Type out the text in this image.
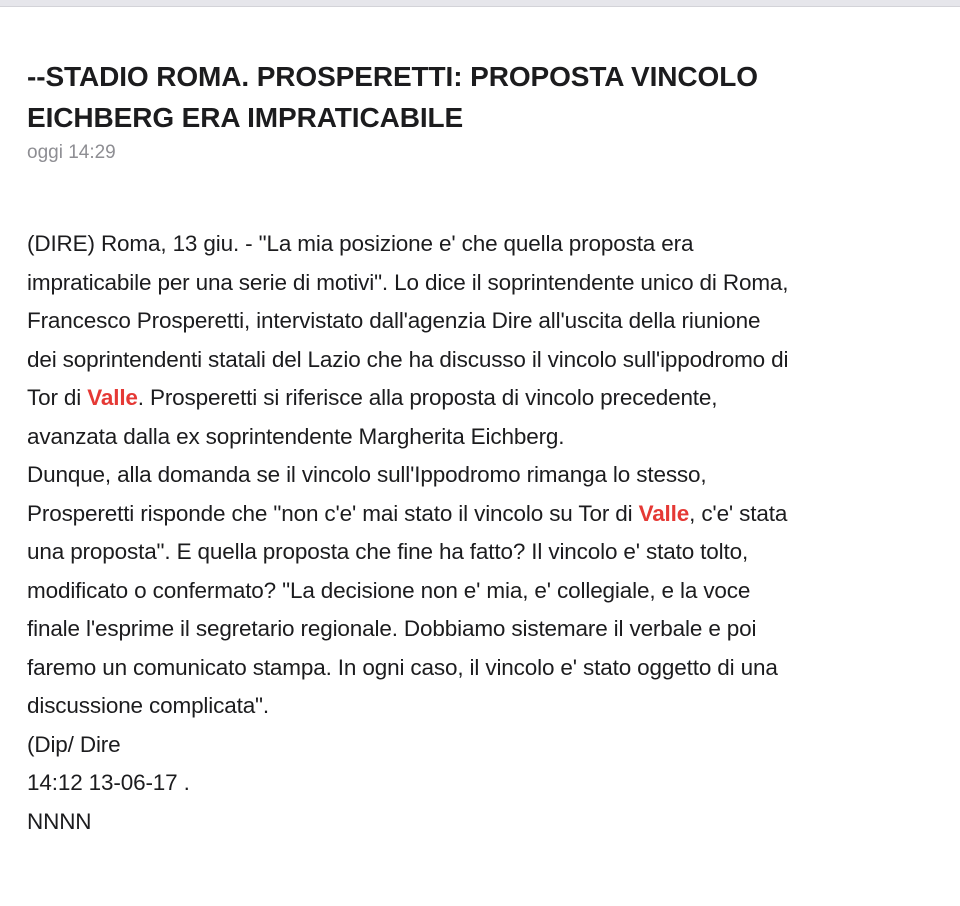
--STADIO ROMA. PROSPERETTI: PROPOSTA VINCOLO
EICHBERG ERA IMPRATICABILE
oggi 14:29
(DIRE) Roma, 13 giu. - "La mia posizione e' che quella proposta era
impraticabile per una serie di motivi". Lo dice il soprintendente unico di Roma,
Francesco Prosperetti, intervistato dall'agenzia Dire all'uscita della riunione
dei soprintendenti statali del Lazio che ha discusso il vincolo sull'ippodromo di
Tor di Valle. Prosperetti si riferisce alla proposta di vincolo precedente,
avanzata dalla ex soprintendente Margherita Eichberg.
Dunque, alla domanda se il vincolo sull'Ippodromo rimanga lo stesso,
Prosperetti risponde che "non c'e' mai stato il vincolo su Tor di Valle, c'e' stata
una proposta". E quella proposta che fine ha fatto? Il vincolo e' stato tolto,
modificato o confermato? "La decisione non e' mia, e' collegiale, e la voce
finale l'esprime il segretario regionale. Dobbiamo sistemare il verbale e poi
faremo un comunicato stampa. In ogni caso, il vincolo e' stato oggetto di una
discussione complicata".
(Dip/ Dire
14:12 13-06-17 .
NNNN
